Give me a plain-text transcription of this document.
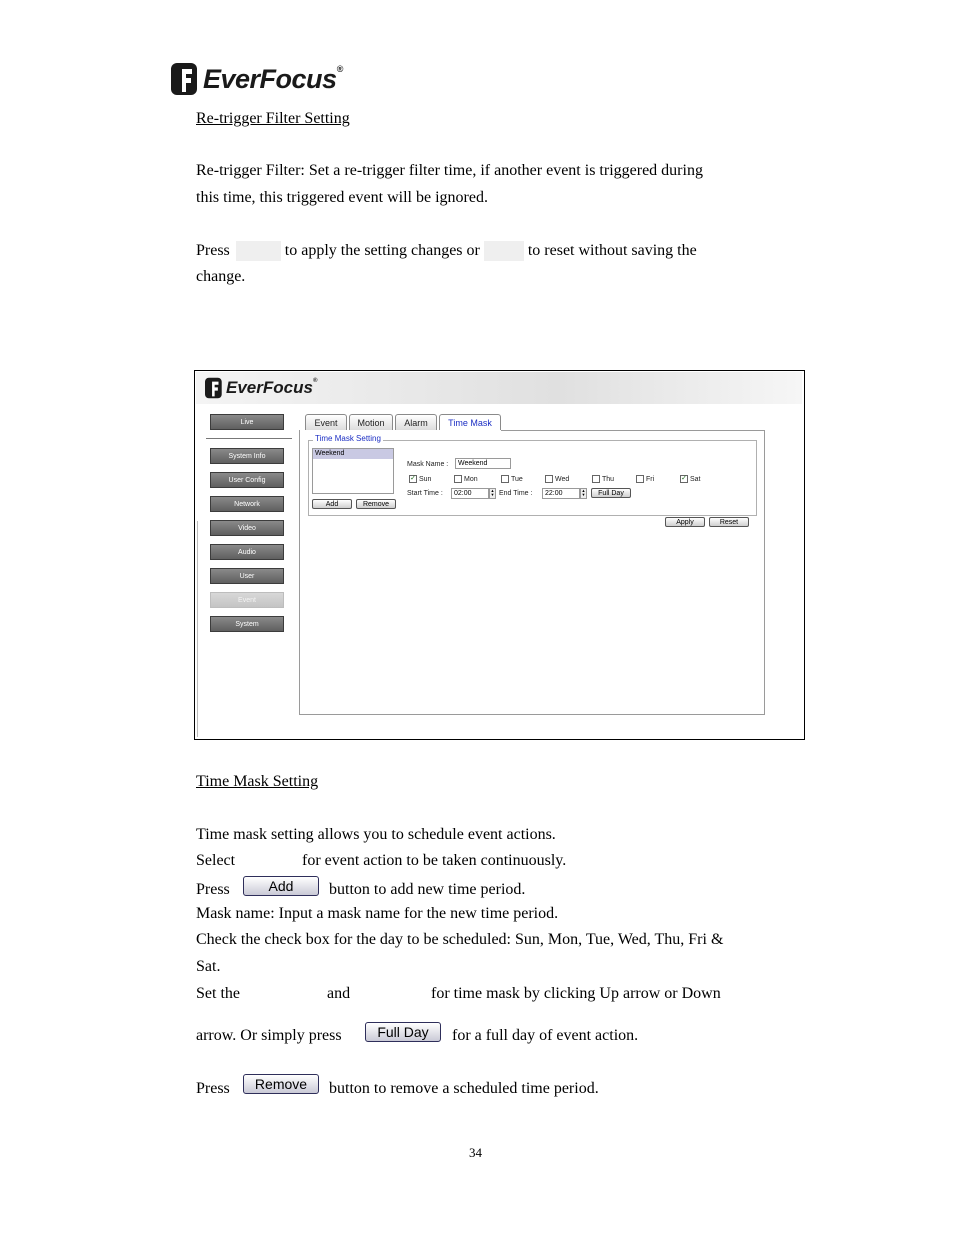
EverFocus®
Re-trigger Filter Setting
Re-trigger Filter: Set a re-trigger filter time, if another event is triggered during
this time, this triggered event will be ignored.
Press	to apply the setting changes or	to reset without saving the
change.
EverFocus®
Live
System Info
User Config
Network
Video
Audio
User
Event
System
Event	Motion	Alarm	Time Mask
Time Mask Setting
Weekend
Add	Remove
Mask Name :	Weekend
✓ Sun	Mon	Tue	Wed	Thu	Fri	✓ Sat
Start Time :	02:00	▲
▼ End Time :	22:00	▲
▼	Full Day
Apply	Reset
Time Mask Setting
Time mask setting allows you to schedule event actions.
Select	for event action to be taken continuously.
Press	Add	button to add new time period.
Mask name: Input a mask name for the new time period.
Check the check box for the day to be scheduled: Sun, Mon, Tue, Wed, Thu, Fri &
Sat.
Set the	and	for time mask by clicking Up arrow or Down
arrow. Or simply press	Full Day	for a full day of event action.
Press	Remove	button to remove a scheduled time period.
34
